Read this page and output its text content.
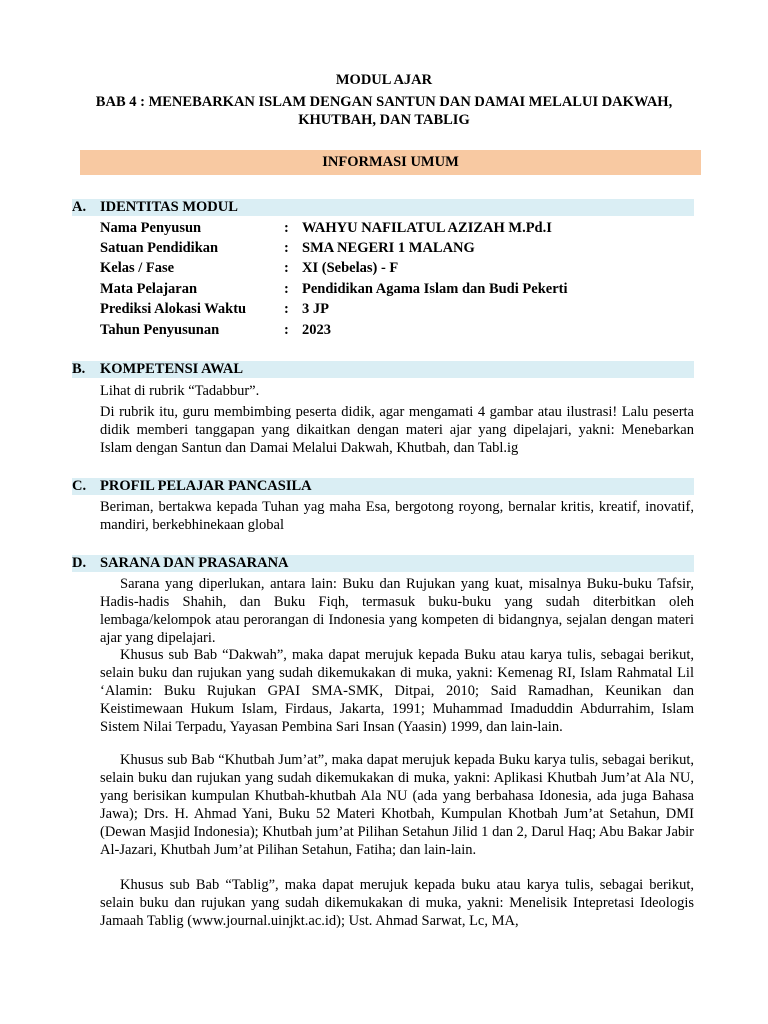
MODUL AJAR
BAB 4 : MENEBARKAN ISLAM DENGAN SANTUN DAN DAMAI MELALUI DAKWAH,
KHUTBAH, DAN TABLIG
INFORMASI UMUM
A. IDENTITAS MODUL
Nama Penyusun	: WAHYU NAFILATUL AZIZAH M.Pd.I
Satuan Pendidikan	: SMA NEGERI 1 MALANG
Kelas / Fase	: XI (Sebelas) - F
Mata Pelajaran	: Pendidikan Agama Islam dan Budi Pekerti
Prediksi Alokasi Waktu	: 3 JP
Tahun Penyusunan	: 2023
B. KOMPETENSI AWAL
Lihat di rubrik “Tadabbur”.
Di rubrik itu, guru membimbing peserta didik, agar mengamati 4 gambar atau ilustrasi! Lalu peserta didik memberi tanggapan yang dikaitkan dengan materi ajar yang dipelajari, yakni: Menebarkan Islam dengan Santun dan Damai Melalui Dakwah, Khutbah, dan Tabl.ig
C. PROFIL PELAJAR PANCASILA
Beriman, bertakwa kepada Tuhan yag maha Esa, bergotong royong, bernalar kritis, kreatif, inovatif, mandiri, berkebhinekaan global
D. SARANA DAN PRASARANA
Sarana yang diperlukan, antara lain: Buku dan Rujukan yang kuat, misalnya Buku-buku Tafsir, Hadis-hadis Shahih, dan Buku Fiqh, termasuk buku-buku yang sudah diterbitkan oleh lembaga/kelompok atau perorangan di Indonesia yang kompeten di bidangnya, sejalan dengan materi ajar yang dipelajari.
Khusus sub Bab “Dakwah”, maka dapat merujuk kepada Buku atau karya tulis, sebagai berikut, selain buku dan rujukan yang sudah dikemukakan di muka, yakni: Kemenag RI, Islam Rahmatal Lil ‘Alamin: Buku Rujukan GPAI SMA-SMK, Ditpai, 2010; Said Ramadhan, Keunikan dan Keistimewaan Hukum Islam, Firdaus, Jakarta, 1991; Muhammad Imaduddin Abdurrahim, Islam Sistem Nilai Terpadu, Yayasan Pembina Sari Insan (Yaasin) 1999, dan lain-lain.
Khusus sub Bab “Khutbah Jum’at”, maka dapat merujuk kepada Buku karya tulis, sebagai berikut, selain buku dan rujukan yang sudah dikemukakan di muka, yakni: Aplikasi Khutbah Jum’at Ala NU, yang berisikan kumpulan Khutbah-khutbah Ala NU (ada yang berbahasa Idonesia, ada juga Bahasa Jawa); Drs. H. Ahmad Yani, Buku 52 Materi Khotbah, Kumpulan Khotbah Jum’at Setahun, DMI (Dewan Masjid Indonesia); Khutbah jum’at Pilihan Setahun Jilid 1 dan 2, Darul Haq; Abu Bakar Jabir Al-Jazari, Khutbah Jum’at Pilihan Setahun, Fatiha; dan lain-lain.
Khusus sub Bab “Tablig”, maka dapat merujuk kepada buku atau karya tulis, sebagai berikut, selain buku dan rujukan yang sudah dikemukakan di muka, yakni: Menelisik Intepretasi Ideologis Jamaah Tablig (www.journal.uinjkt.ac.id); Ust. Ahmad Sarwat, Lc, MA,
